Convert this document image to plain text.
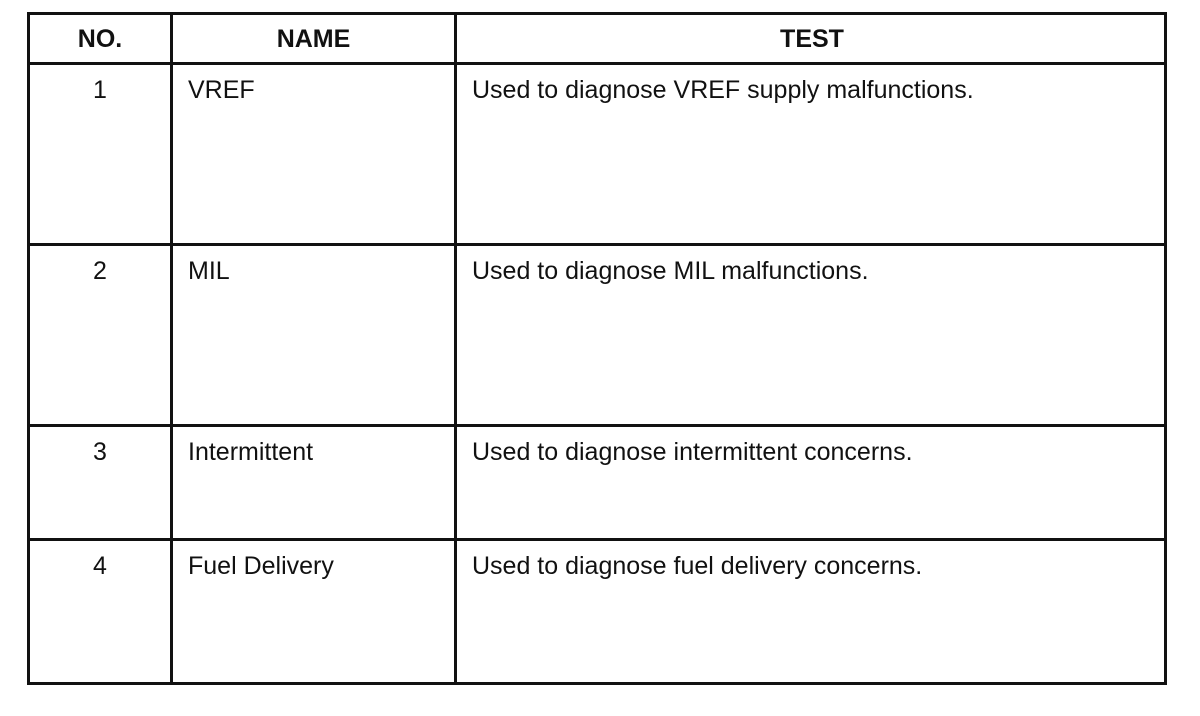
NO.	NAME	TEST
1	VREF	Used to diagnose VREF supply malfunctions.
2	MIL	Used to diagnose MIL malfunctions.
3	Intermittent	Used to diagnose intermittent concerns.
4	Fuel Delivery	Used to diagnose fuel delivery concerns.
